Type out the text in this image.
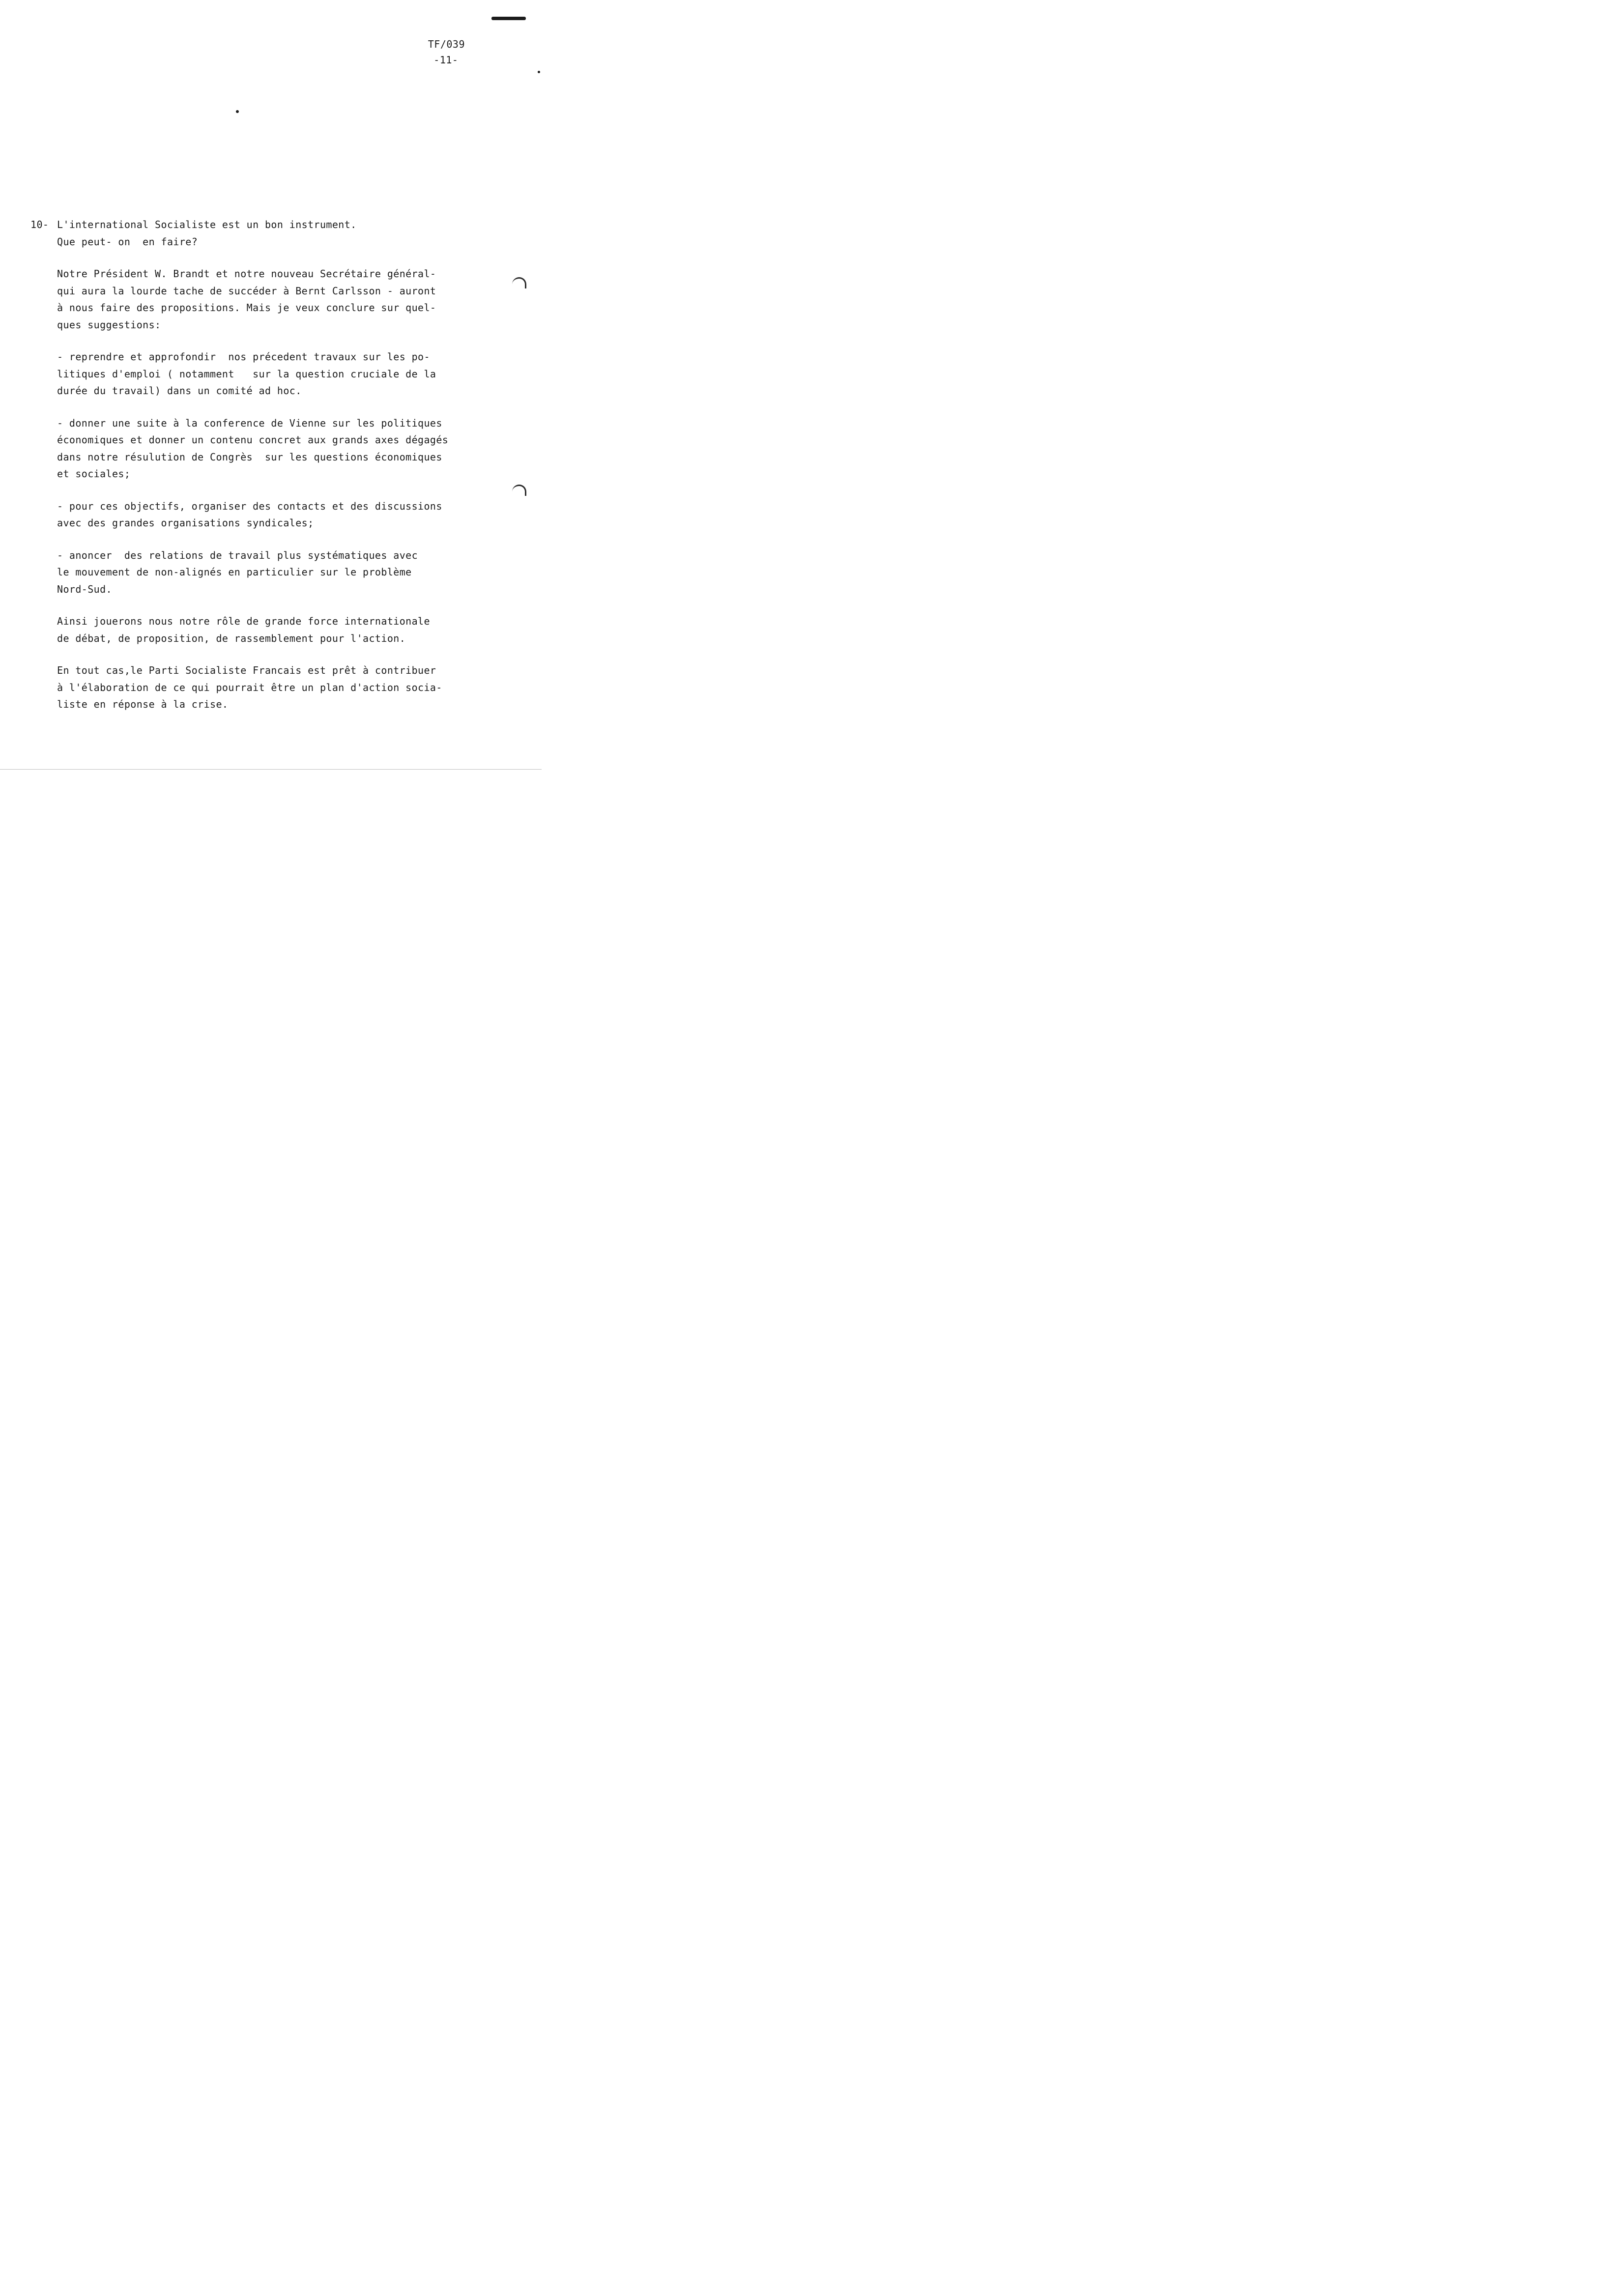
TF/039
-11-
10- L'international Socialiste est un bon instrument.
Que peut- on  en faire?
Notre Président W. Brandt et notre nouveau Secrétaire général-
qui aura la lourde tache de succéder à Bernt Carlsson - auront
à nous faire des propositions. Mais je veux conclure sur quel-
ques suggestions:
- reprendre et approfondir  nos précedent travaux sur les po-
litiques d'emploi ( notamment   sur la question cruciale de la
durée du travail) dans un comité ad hoc.
- donner une suite à la conference de Vienne sur les politiques
économiques et donner un contenu concret aux grands axes dégagés
dans notre résulution de Congrès  sur les questions économiques
et sociales;
- pour ces objectifs, organiser des contacts et des discussions
avec des grandes organisations syndicales;
- anoncer  des relations de travail plus systématiques avec
le mouvement de non-alignés en particulier sur le problème
Nord-Sud.
Ainsi jouerons nous notre rôle de grande force internationale
de débat, de proposition, de rassemblement pour l'action.
En tout cas,le Parti Socialiste Francais est prêt à contribuer
à l'élaboration de ce qui pourrait être un plan d'action socia-
liste en réponse à la crise.
